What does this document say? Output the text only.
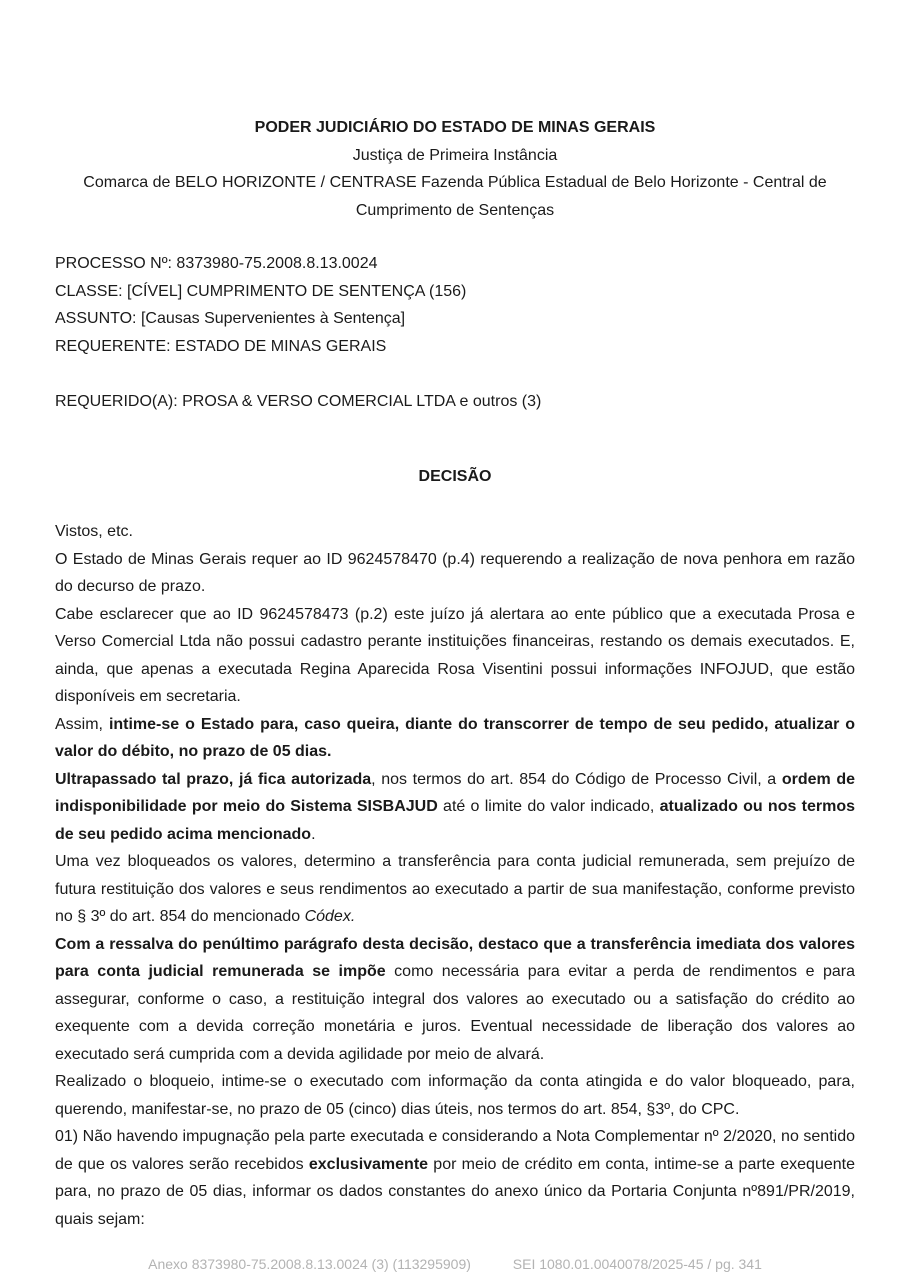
PODER JUDICIÁRIO DO ESTADO DE MINAS GERAIS
Justiça de Primeira Instância
Comarca de BELO HORIZONTE / CENTRASE Fazenda Pública Estadual de Belo Horizonte - Central de
Cumprimento de Sentenças
PROCESSO Nº: 8373980-75.2008.8.13.0024
CLASSE: [CÍVEL] CUMPRIMENTO DE SENTENÇA (156)
ASSUNTO: [Causas Supervenientes à Sentença]
REQUERENTE: ESTADO DE MINAS GERAIS
REQUERIDO(A): PROSA & VERSO COMERCIAL LTDA e outros (3)
DECISÃO

Vistos, etc.

O Estado de Minas Gerais requer ao ID 9624578470 (p.4) requerendo a realização de nova penhora em razão do decurso de prazo.

Cabe esclarecer que ao ID 9624578473 (p.2) este juízo já alertara ao ente público que a executada Prosa e Verso Comercial Ltda não possui cadastro perante instituições financeiras, restando os demais executados. E, ainda, que apenas a executada Regina Aparecida Rosa Visentini possui informações INFOJUD, que estão disponíveis em secretaria.

Assim, intime-se o Estado para, caso queira, diante do transcorrer de tempo de seu pedido, atualizar o valor do débito, no prazo de 05 dias.

Ultrapassado tal prazo, já fica autorizada, nos termos do art. 854 do Código de Processo Civil, a ordem de indisponibilidade por meio do Sistema SISBAJUD até o limite do valor indicado, atualizado ou nos termos de seu pedido acima mencionado.

Uma vez bloqueados os valores, determino a transferência para conta judicial remunerada, sem prejuízo de futura restituição dos valores e seus rendimentos ao executado a partir de sua manifestação, conforme previsto no § 3º do art. 854 do mencionado Códex.

Com a ressalva do penúltimo parágrafo desta decisão, destaco que a transferência imediata dos valores para conta judicial remunerada se impõe como necessária para evitar a perda de rendimentos e para assegurar, conforme o caso, a restituição integral dos valores ao executado ou a satisfação do crédito ao exequente com a devida correção monetária e juros. Eventual necessidade de liberação dos valores ao executado será cumprida com a devida agilidade por meio de alvará.

Realizado o bloqueio, intime-se o executado com informação da conta atingida e do valor bloqueado, para, querendo, manifestar-se, no prazo de 05 (cinco) dias úteis, nos termos do art. 854, §3º, do CPC.

01) Não havendo impugnação pela parte executada e considerando a Nota Complementar nº 2/2020, no sentido de que os valores serão recebidos exclusivamente por meio de crédito em conta, intime-se a parte exequente para, no prazo de 05 dias, informar os dados constantes do anexo único da Portaria Conjunta nº891/PR/2019, quais sejam:

Anexo 8373980-75.2008.8.13.0024 (3) (113295909)	SEI 1080.01.0040078/2025-45 / pg. 341
